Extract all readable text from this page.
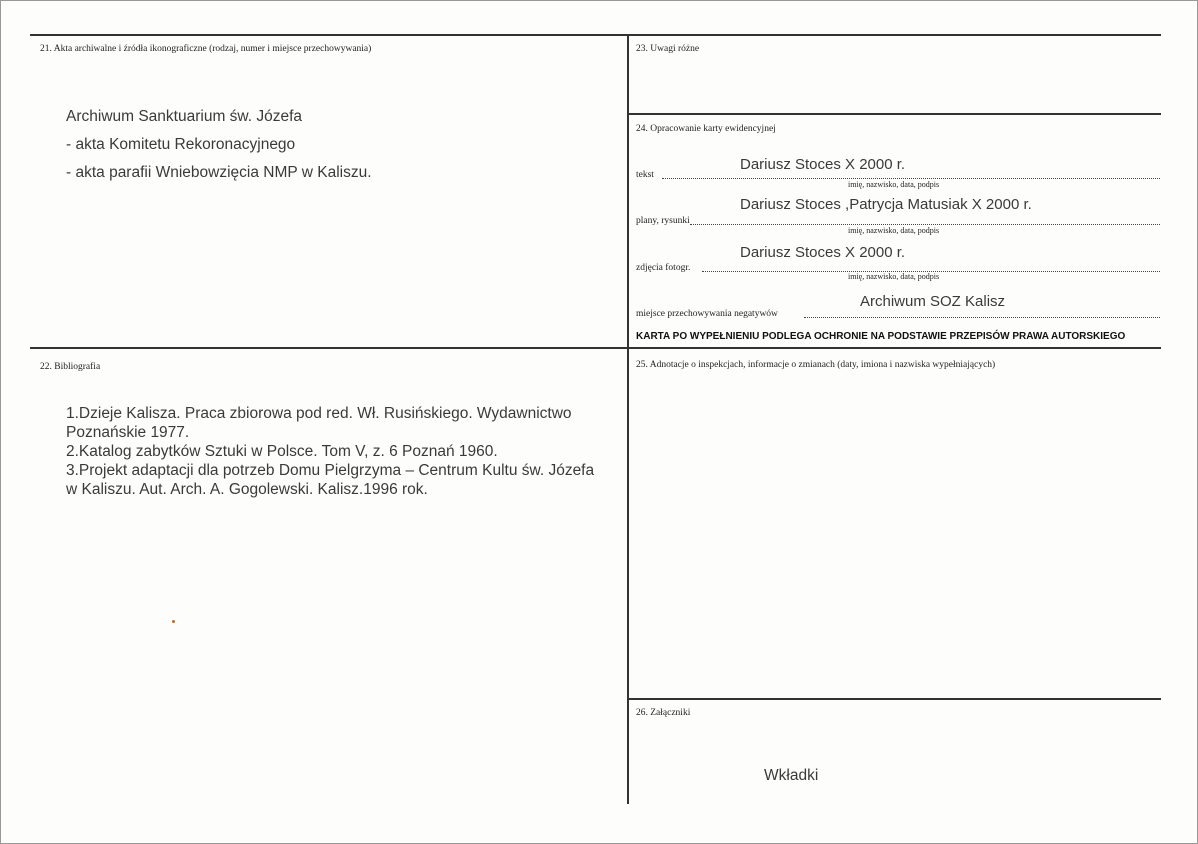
21. Akta archiwalne i źródła ikonograficzne (rodzaj, numer i miejsce przechowywania)
Archiwum Sanktuarium św. Józefa
- akta Komitetu Rekoronacyjnego
- akta parafii Wniebowzięcia NMP w Kaliszu.
22. Bibliografia
1.Dzieje Kalisza. Praca zbiorowa pod red. Wł. Rusińskiego. Wydawnictwo
Poznańskie 1977.
2.Katalog zabytków Sztuki w Polsce. Tom V, z. 6 Poznań 1960.
3.Projekt adaptacji dla potrzeb Domu Pielgrzyma – Centrum Kultu św. Józefa
w Kaliszu. Aut. Arch. A. Gogolewski. Kalisz.1996 rok.
23. Uwagi różne
24. Opracowanie karty ewidencyjnej
Dariusz Stoces X 2000 r.
tekst
imię, nazwisko, data, podpis
Dariusz Stoces ,Patrycja Matusiak X 2000 r.
plany, rysunki
imię, nazwisko, data, podpis
Dariusz Stoces X 2000 r.
zdjęcia fotogr.
imię, nazwisko, data, podpis
Archiwum SOZ Kalisz
miejsce przechowywania negatywów
KARTA PO WYPEŁNIENIU PODLEGA OCHRONIE NA PODSTAWIE PRZEPISÓW PRAWA AUTORSKIEGO
25. Adnotacje o inspekcjach, informacje o zmianach (daty, imiona i nazwiska wypełniających)
26. Załączniki
Wkładki
